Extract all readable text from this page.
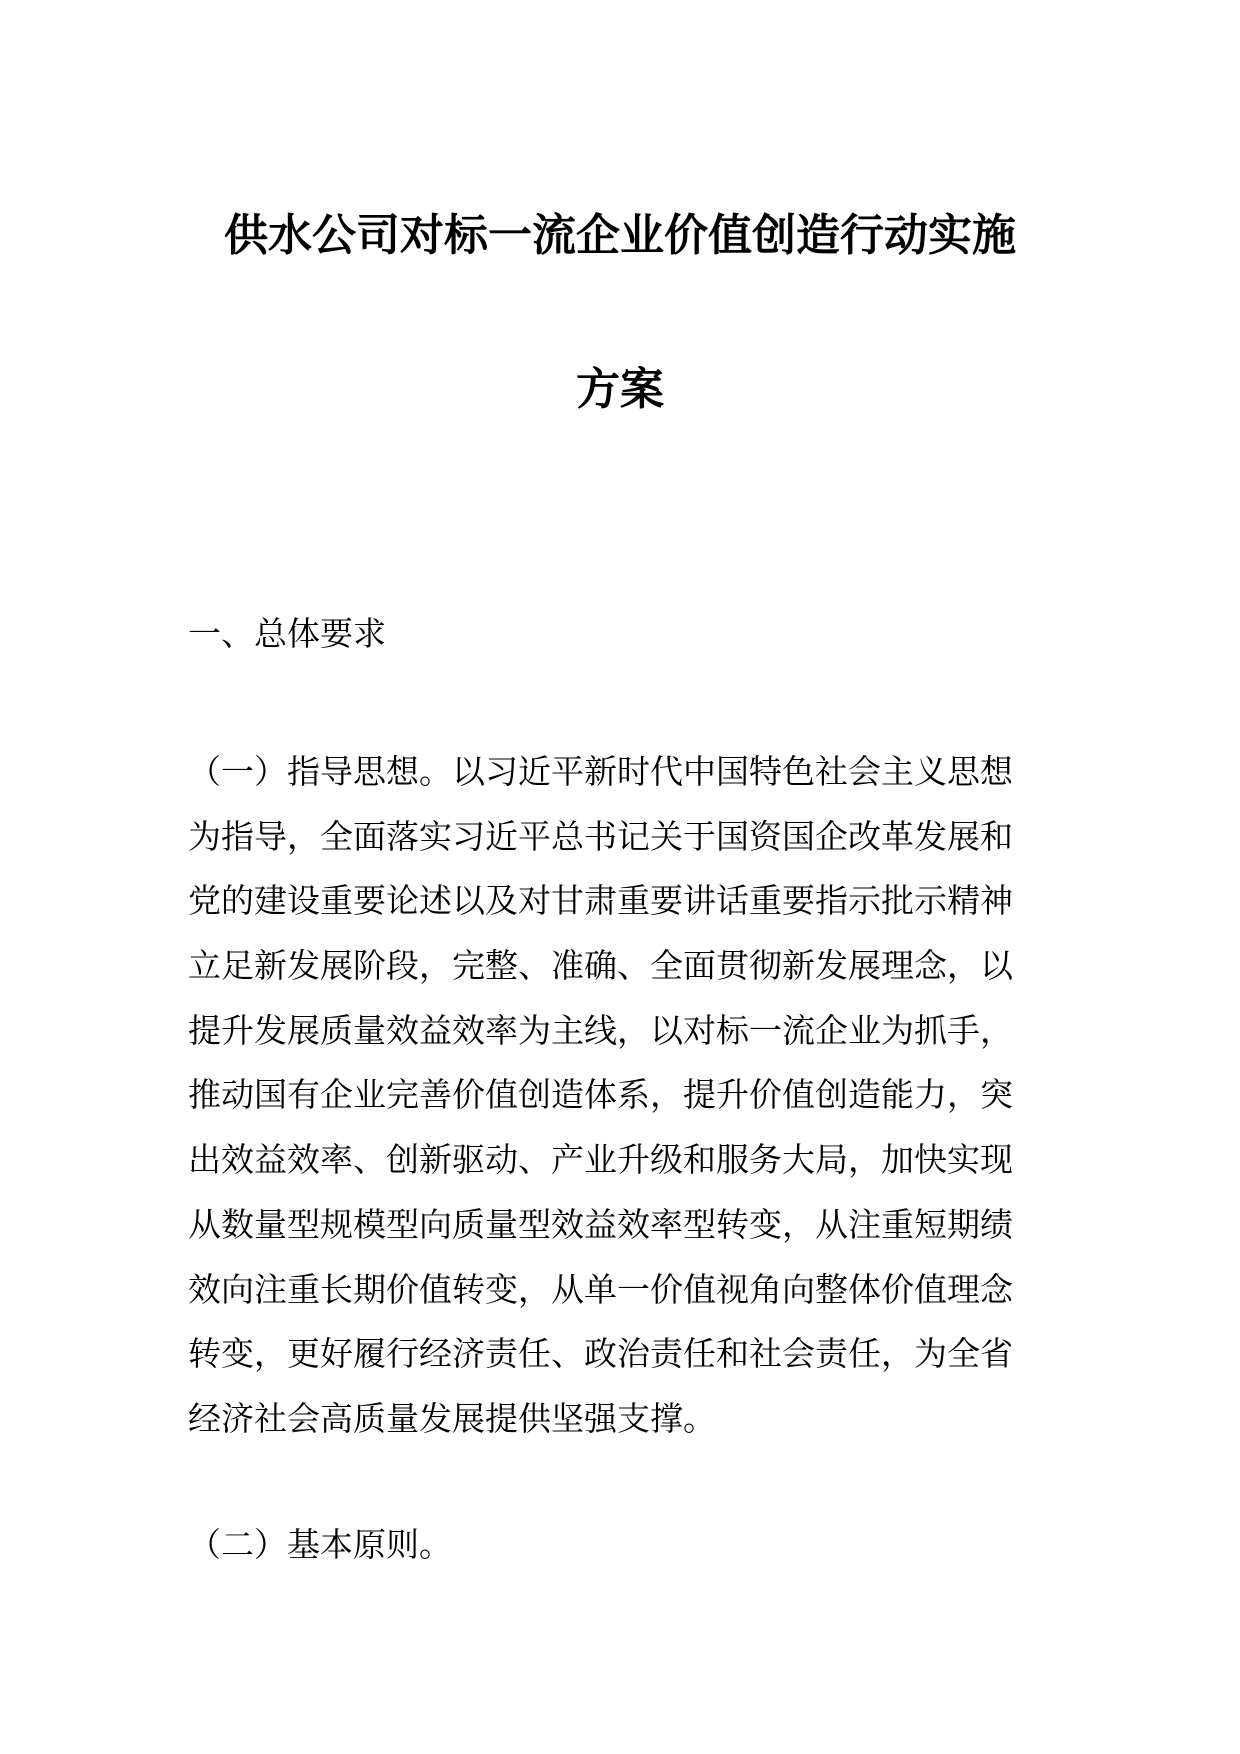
供水公司对标一流企业价值创造行动实施
方案
一、总体要求
（一）指导思想。以习近平新时代中国特色社会主义思想
为指导，全面落实习近平总书记关于国资国企改革发展和
党的建设重要论述以及对甘肃重要讲话重要指示批示精神
立足新发展阶段，完整、准确、全面贯彻新发展理念，以
提升发展质量效益效率为主线，以对标一流企业为抓手，
推动国有企业完善价值创造体系，提升价值创造能力，突
出效益效率、创新驱动、产业升级和服务大局，加快实现
从数量型规模型向质量型效益效率型转变，从注重短期绩
效向注重长期价值转变，从单一价值视角向整体价值理念
转变，更好履行经济责任、政治责任和社会责任，为全省
经济社会高质量发展提供坚强支撑。
（二）基本原则。
